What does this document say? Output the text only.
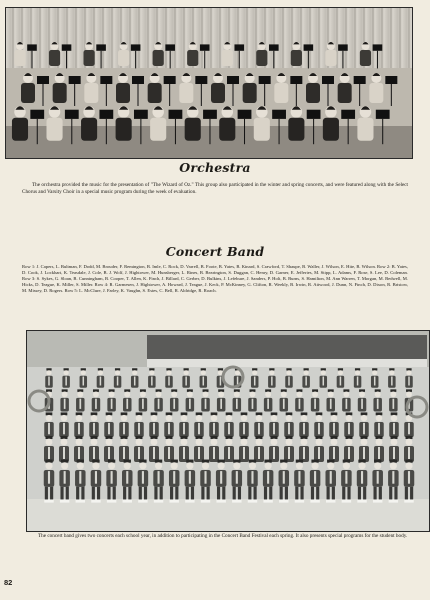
Orchestra
The orchestra provided the music for the presentation of "The Wizard of Oz." This group also participated in the winter and spring concerts, and were featured along with the Select Chorus and Varsity Choir in a special music program during the week of evaluation.
Concert Band
Row 1: J. Capers, L. Bultman, F. Dodd, M. Brouder, F. Remington, B. Imle, C. Rock, D. Varrell, B. Foote, B. Yates, B. Kinard, S. Crawford, T. Shaupe, B. Waller, J. Wilson, E. Hite, B. Wilson. Row 2: B. Yates, D. Cook, J. Lockhart, K. Teasdale, J. Cole, B. J. Wolf, J. Hightower, M. Hunsberger, L. Rines, B. Bearington, S. Duggan, C. Henry, D. Garner, E. Jefferies, M. Stipp, L. Adams, F. Rose, S. Lee, D. Coleman. Row 3: S. Sykes, G. Sloan, B. Cunningham, B. Cooper, T. Allen, K. Finch, J. Billard, C. Gerber, D. Bulkins, J. Lefebure, J. Sanders, P. Holt, B. Burns, S. Hamilton, M. Ann Warren, T. Morgan, M. Bedwell, M. Hicks, D. Teague, K. Miller, S. Miller. Row 4: R. Garmesen, J. Hightower, A. Howard, J. Teague, J. Keck, P. McKinney, G. Clifton, R. Weekly, B. Irwin, R. Attwood, J. Dunn, N. Finch, D. Dixon, R. Bristow, M. Missey, D. Rogers. Row 5: L. McClure, J. Farley, K. Vaughn, S. Estes, C. Bell, R. Aldridge, R. Roach.
The concert band gives two concerts each school year, in addition to participating in the Concert Band Festival each spring. It also presents special programs for the student body.
82
